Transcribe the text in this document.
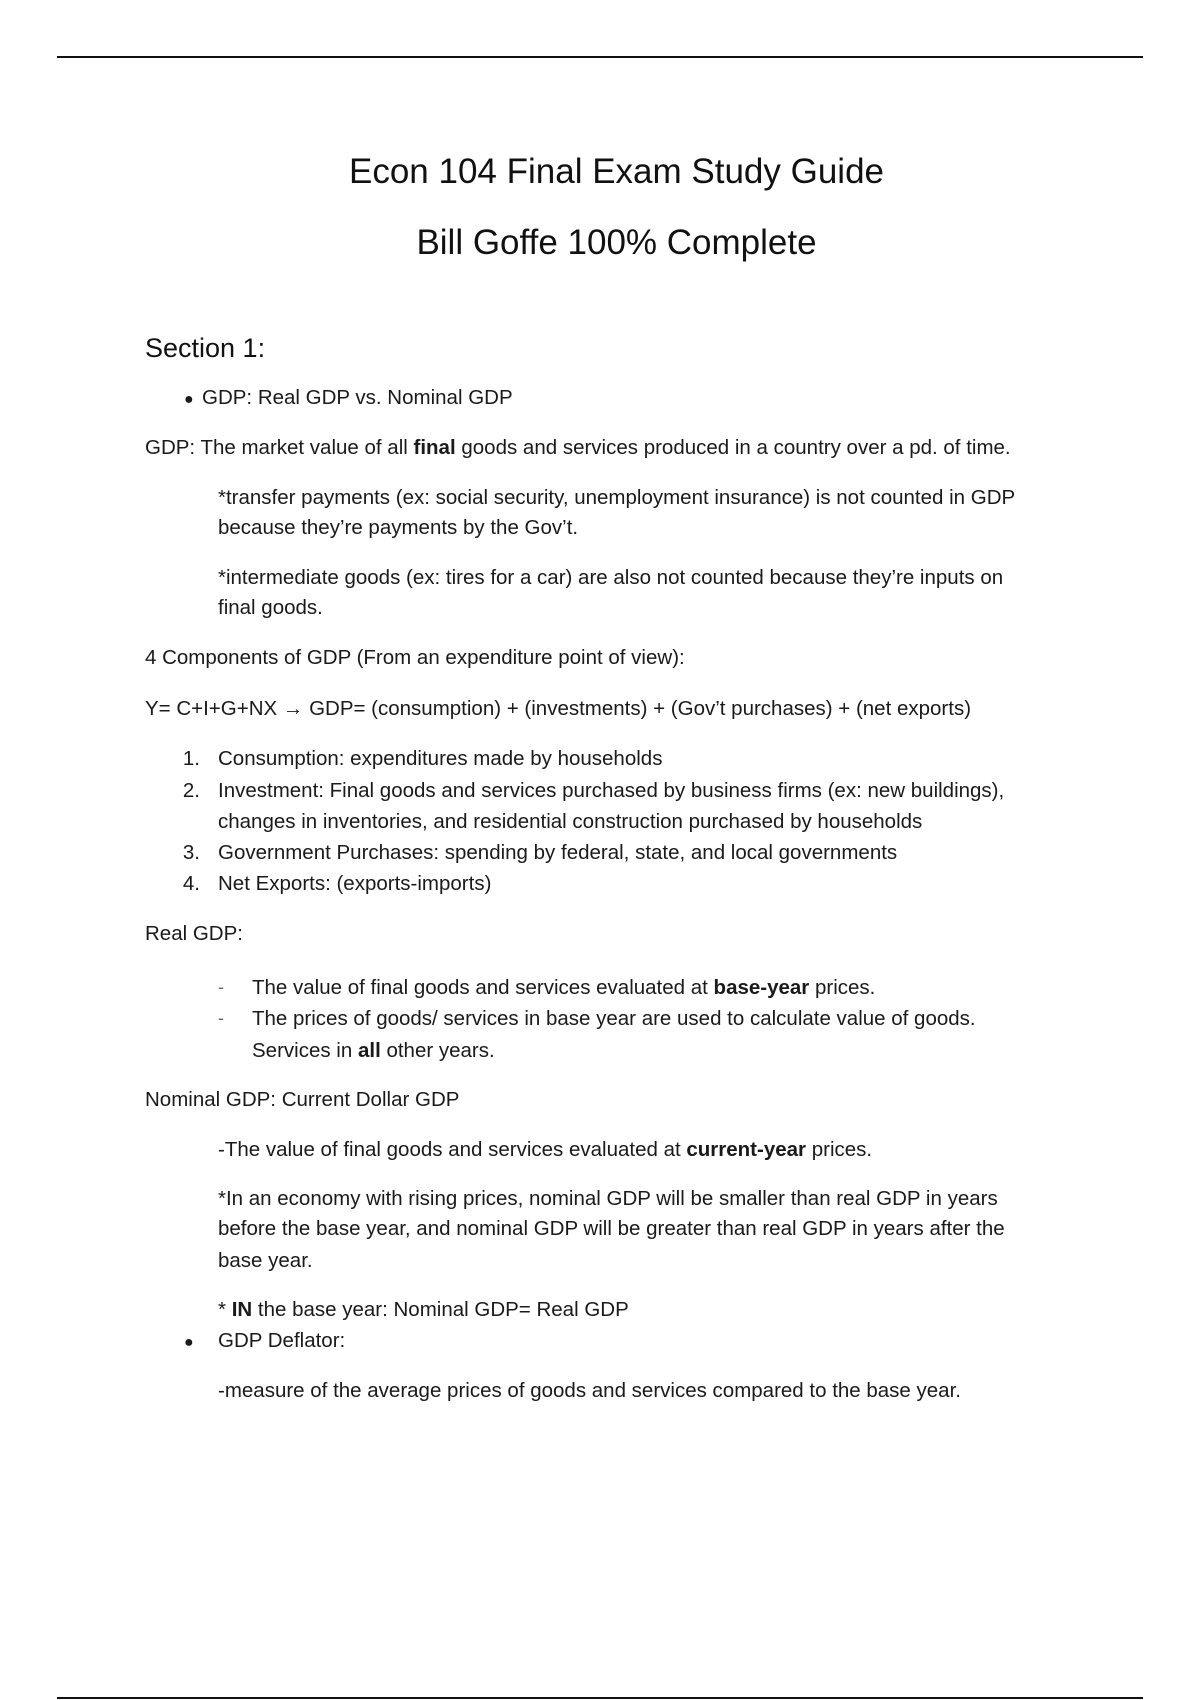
Econ 104 Final Exam Study Guide
Bill Goffe 100% Complete
Section 1:
● GDP: Real GDP vs. Nominal GDP
GDP: The market value of all final goods and services produced in a country over a pd. of time.
*transfer payments (ex: social security, unemployment insurance) is not counted in GDP
because they’re payments by the Gov’t.
*intermediate goods (ex: tires for a car) are also not counted because they’re inputs on
final goods.
4 Components of GDP (From an expenditure point of view):
Y= C+I+G+NX → GDP= (consumption) + (investments) + (Gov’t purchases) + (net exports)
1. Consumption: expenditures made by households
2. Investment: Final goods and services purchased by business firms (ex: new buildings),
changes in inventories, and residential construction purchased by households
3. Government Purchases: spending by federal, state, and local governments
4. Net Exports: (exports-imports)
Real GDP:
- The value of final goods and services evaluated at base-year prices.
- The prices of goods/ services in base year are used to calculate value of goods.
Services in all other years.
Nominal GDP: Current Dollar GDP
-The value of final goods and services evaluated at current-year prices.
*In an economy with rising prices, nominal GDP will be smaller than real GDP in years
before the base year, and nominal GDP will be greater than real GDP in years after the
base year.
* IN the base year: Nominal GDP= Real GDP
● GDP Deflator:
-measure of the average prices of goods and services compared to the base year.
